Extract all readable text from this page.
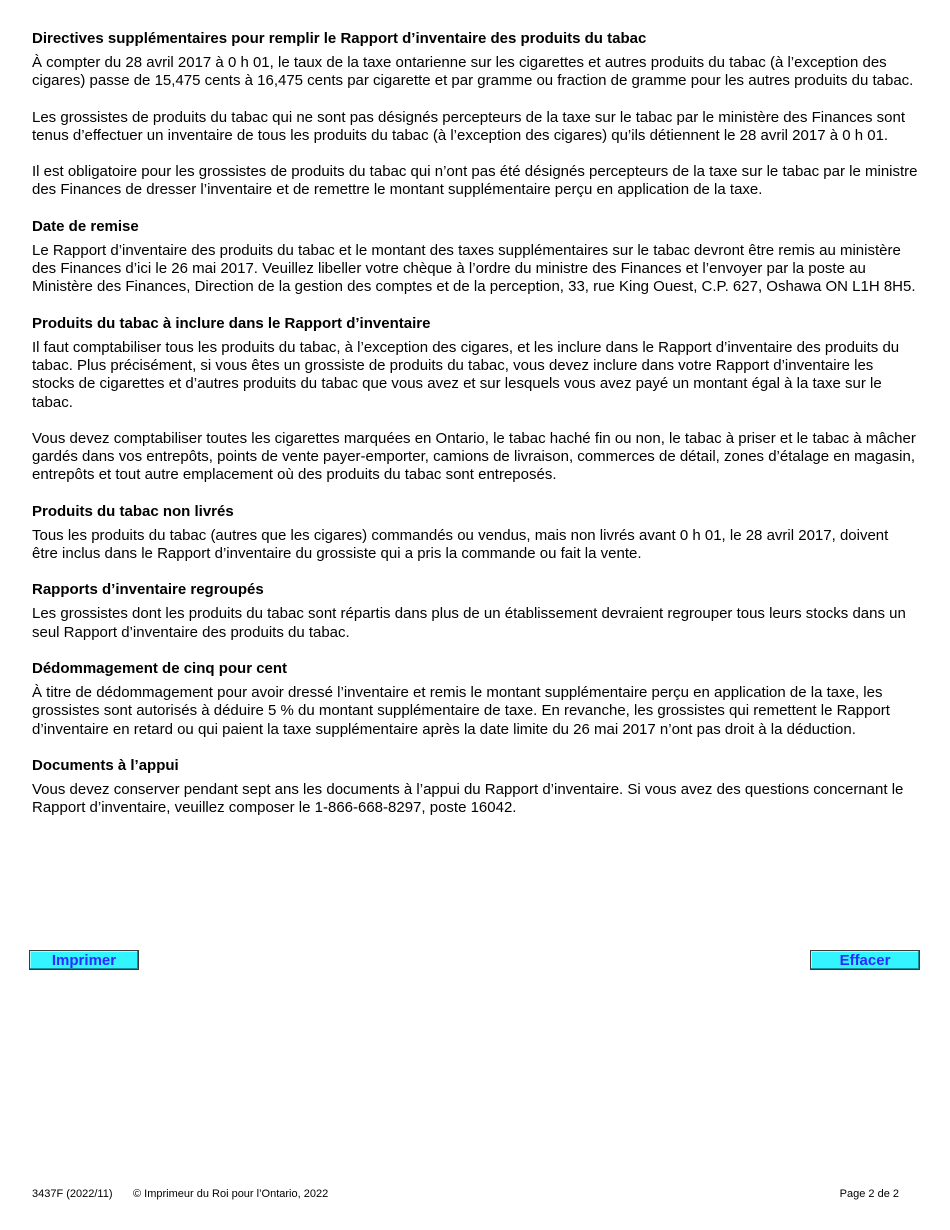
Directives supplémentaires pour remplir le Rapport d’inventaire des produits du tabac

À compter du 28 avril 2017 à 0 h 01, le taux de la taxe ontarienne sur les cigarettes et autres produits du tabac (à l’exception des cigares) passe de 15,475 cents à 16,475 cents par cigarette et par gramme ou fraction de gramme pour les autres produits du tabac.

Les grossistes de produits du tabac qui ne sont pas désignés percepteurs de la taxe sur le tabac par le ministère des Finances sont tenus d’effectuer un inventaire de tous les produits du tabac (à l’exception des cigares) qu’ils détiennent le 28 avril 2017 à 0 h 01.

Il est obligatoire pour les grossistes de produits du tabac qui n’ont pas été désignés percepteurs de la taxe sur le tabac par le ministre des Finances de dresser l’inventaire et de remettre le montant supplémentaire perçu en application de la taxe.

Date de remise

Le Rapport d’inventaire des produits du tabac et le montant des taxes supplémentaires sur le tabac devront être remis au ministère des Finances d’ici le 26 mai 2017. Veuillez libeller votre chèque à l’ordre du ministre des Finances et l’envoyer par la poste au Ministère des Finances, Direction de la gestion des comptes et de la perception, 33, rue King Ouest, C.P. 627, Oshawa ON L1H 8H5.

Produits du tabac à inclure dans le Rapport d’inventaire

Il faut comptabiliser tous les produits du tabac, à l’exception des cigares, et les inclure dans le Rapport d’inventaire des produits du tabac. Plus précisément, si vous êtes un grossiste de produits du tabac, vous devez inclure dans votre Rapport d’inventaire les stocks de cigarettes et d’autres produits du tabac que vous avez et sur lesquels vous avez payé un montant égal à la taxe sur le tabac.

Vous devez comptabiliser toutes les cigarettes marquées en Ontario, le tabac haché fin ou non, le tabac à priser et le tabac à mâcher gardés dans vos entrepôts, points de vente payer-emporter, camions de livraison, commerces de détail, zones d’étalage en magasin, entrepôts et tout autre emplacement où des produits du tabac sont entreposés.

Produits du tabac non livrés

Tous les produits du tabac (autres que les cigares) commandés ou vendus, mais non livrés avant 0 h 01, le 28 avril 2017, doivent être inclus dans le Rapport d’inventaire du grossiste qui a pris la commande ou fait la vente.

Rapports d’inventaire regroupés

Les grossistes dont les produits du tabac sont répartis dans plus de un établissement devraient regrouper tous leurs stocks dans un seul Rapport d’inventaire des produits du tabac.

Dédommagement de cinq pour cent

À titre de dédommagement pour avoir dressé l’inventaire et remis le montant supplémentaire perçu en application de la taxe, les grossistes sont autorisés à déduire 5 % du montant supplémentaire de taxe. En revanche, les grossistes qui remettent le Rapport d’inventaire en retard ou qui paient la taxe supplémentaire après la date limite du 26 mai 2017 n’ont pas droit à la déduction.

Documents à l’appui

Vous devez conserver pendant sept ans les documents à l’appui du Rapport d’inventaire. Si vous avez des questions concernant le Rapport d’inventaire, veuillez composer le 1-866-668-8297, poste 16042.

Imprimer	Effacer
3437F (2022/11) © Imprimeur du Roi pour l’Ontario, 2022	Page 2 de 2
